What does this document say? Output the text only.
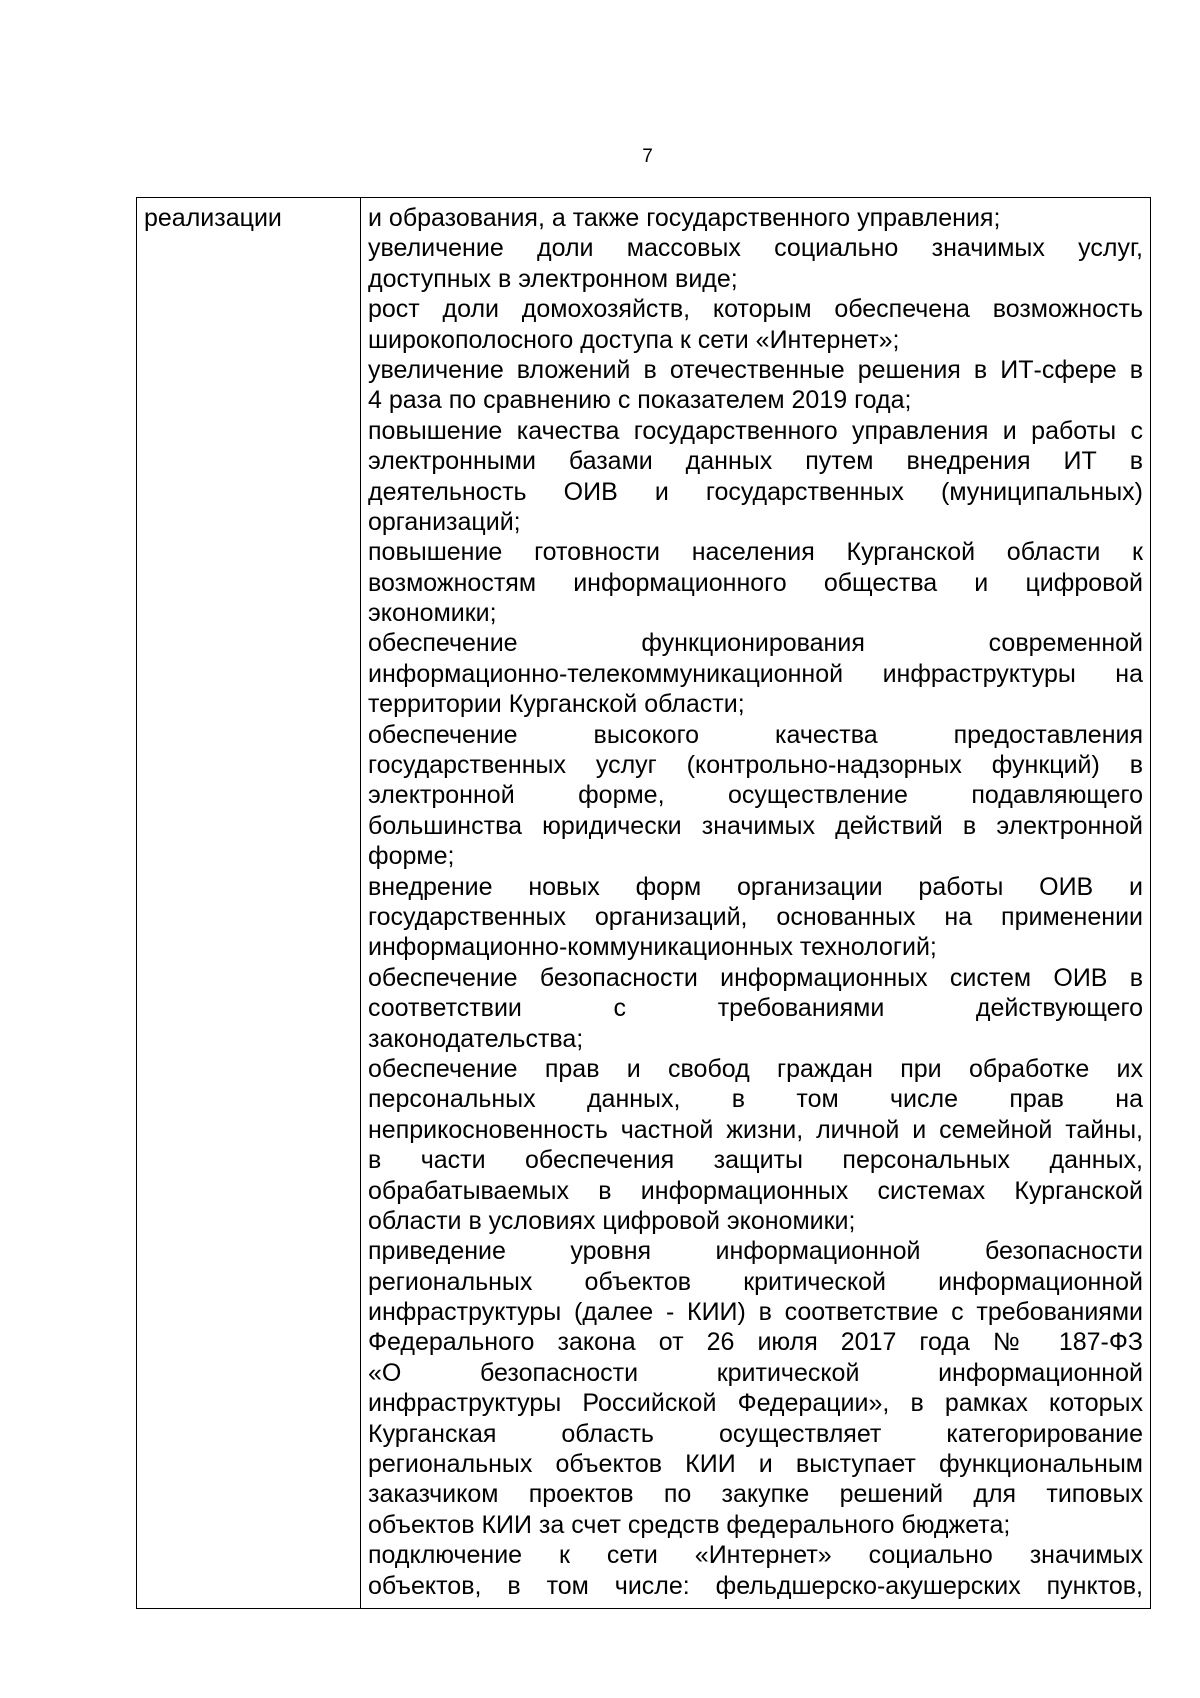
7
реализации	и образования, а также государственного управления;
увеличение доли массовых социально значимых услуг,
доступных в электронном виде;
рост доли домохозяйств, которым обеспечена возможность
широкополосного доступа к сети «Интернет»;
увеличение вложений в отечественные решения в ИТ-сфере в
4 раза по сравнению с показателем 2019 года;
повышение качества государственного управления и работы с
электронными базами данных путем внедрения ИТ в
деятельность ОИВ и государственных (муниципальных)
организаций;
повышение готовности населения Курганской области к
возможностям информационного общества и цифровой
экономики;
обеспечение функционирования современной
информационно-телекоммуникационной инфраструктуры на
территории Курганской области;
обеспечение высокого качества предоставления
государственных услуг (контрольно-надзорных функций) в
электронной форме, осуществление подавляющего
большинства юридически значимых действий в электронной
форме;
внедрение новых форм организации работы ОИВ и
государственных организаций, основанных на применении
информационно-коммуникационных технологий;
обеспечение безопасности информационных систем ОИВ в
соответствии с требованиями действующего
законодательства;
обеспечение прав и свобод граждан при обработке их
персональных данных, в том числе прав на
неприкосновенность частной жизни, личной и семейной тайны,
в части обеспечения защиты персональных данных,
обрабатываемых в информационных системах Курганской
области в условиях цифровой экономики;
приведение уровня информационной безопасности
региональных объектов критической информационной
инфраструктуры (далее - КИИ) в соответствие с требованиями
Федерального закона от 26 июля 2017 года № 187-ФЗ
«О безопасности критической информационной
инфраструктуры Российской Федерации», в рамках которых
Курганская область осуществляет категорирование
региональных объектов КИИ и выступает функциональным
заказчиком проектов по закупке решений для типовых
объектов КИИ за счет средств федерального бюджета;
подключение к сети «Интернет» социально значимых
объектов, в том числе: фельдшерско-акушерских пунктов,
